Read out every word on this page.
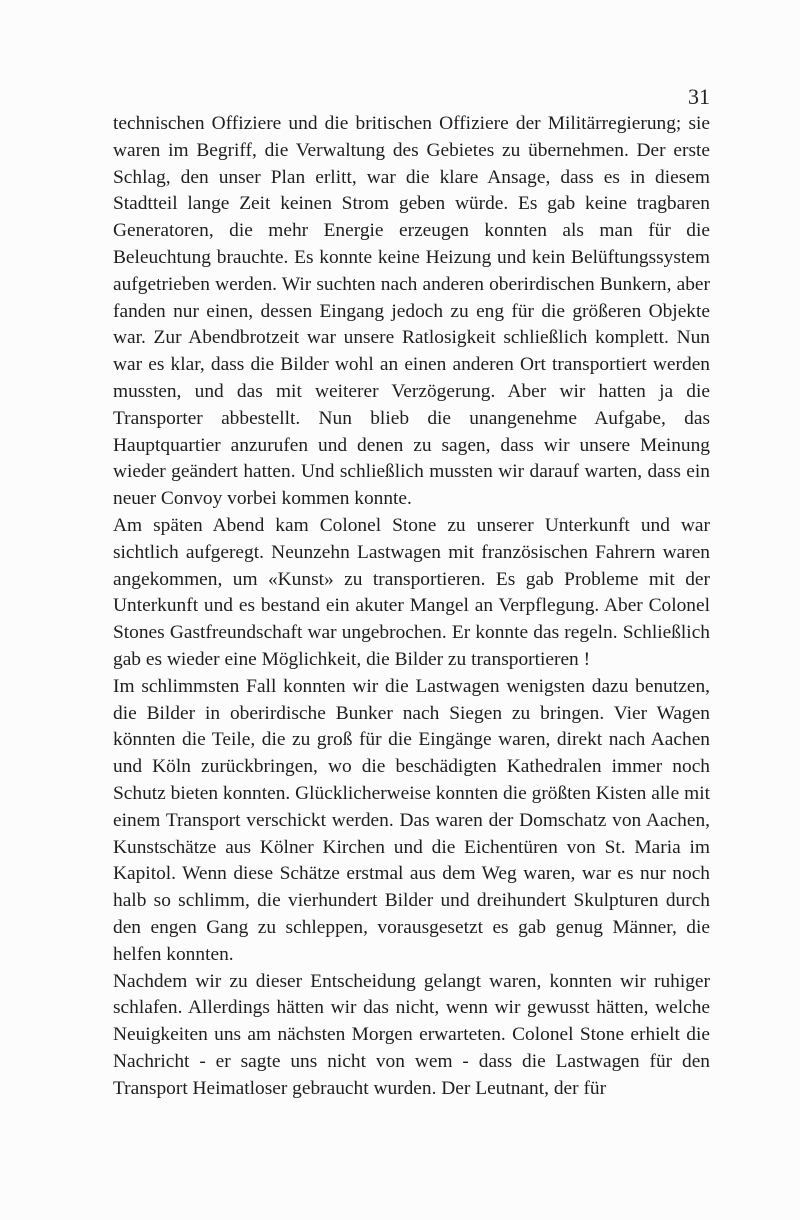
31

technischen Offiziere und die britischen Offiziere der Militärregierung; sie waren im Begriff, die Verwaltung des Gebietes zu übernehmen. Der erste Schlag, den unser Plan erlitt, war die klare Ansage, dass es in diesem Stadtteil lange Zeit keinen Strom geben würde. Es gab keine tragbaren Generatoren, die mehr Energie erzeugen konnten als man für die Beleuchtung brauchte. Es konnte keine Heizung und kein Belüftungssystem aufgetrieben werden. Wir suchten nach anderen oberirdischen Bunkern, aber fanden nur einen, dessen Eingang jedoch zu eng für die größeren Objekte war. Zur Abendbrotzeit war unsere Ratlosigkeit schließlich komplett. Nun war es klar, dass die Bilder wohl an einen anderen Ort transportiert werden mussten, und das mit weiterer Verzögerung. Aber wir hatten ja die Transporter abbestellt. Nun blieb die unangenehme Aufgabe, das Hauptquartier anzurufen und denen zu sagen, dass wir unsere Meinung wieder geändert hatten. Und schließlich mussten wir darauf warten, dass ein neuer Convoy vorbei kommen konnte.

Am späten Abend kam Colonel Stone zu unserer Unterkunft und war sichtlich aufgeregt. Neunzehn Lastwagen mit französischen Fahrern waren angekommen, um «Kunst» zu transportieren. Es gab Probleme mit der Unterkunft und es bestand ein akuter Mangel an Verpflegung. Aber Colonel Stones Gastfreundschaft war ungebrochen. Er konnte das regeln. Schließlich gab es wieder eine Möglichkeit, die Bilder zu transportieren !

Im schlimmsten Fall konnten wir die Lastwagen wenigsten dazu benutzen, die Bilder in oberirdische Bunker nach Siegen zu bringen. Vier Wagen könnten die Teile, die zu groß für die Eingänge waren, direkt nach Aachen und Köln zurückbringen, wo die beschädigten Kathedralen immer noch Schutz bieten konnten. Glücklicherweise konnten die größten Kisten alle mit einem Transport verschickt werden. Das waren der Domschatz von Aachen, Kunstschätze aus Kölner Kirchen und die Eichentüren von St. Maria im Kapitol. Wenn diese Schätze erstmal aus dem Weg waren, war es nur noch halb so schlimm, die vierhundert Bilder und dreihundert Skulpturen durch den engen Gang zu schleppen, vorausgesetzt es gab genug Männer, die helfen konnten.

Nachdem wir zu dieser Entscheidung gelangt waren, konnten wir ruhiger schlafen. Allerdings hätten wir das nicht, wenn wir gewusst hätten, welche Neuigkeiten uns am nächsten Morgen erwarteten. Colonel Stone erhielt die Nachricht - er sagte uns nicht von wem - dass die Lastwagen für den Transport Heimatloser gebraucht wurden. Der Leutnant, der für
